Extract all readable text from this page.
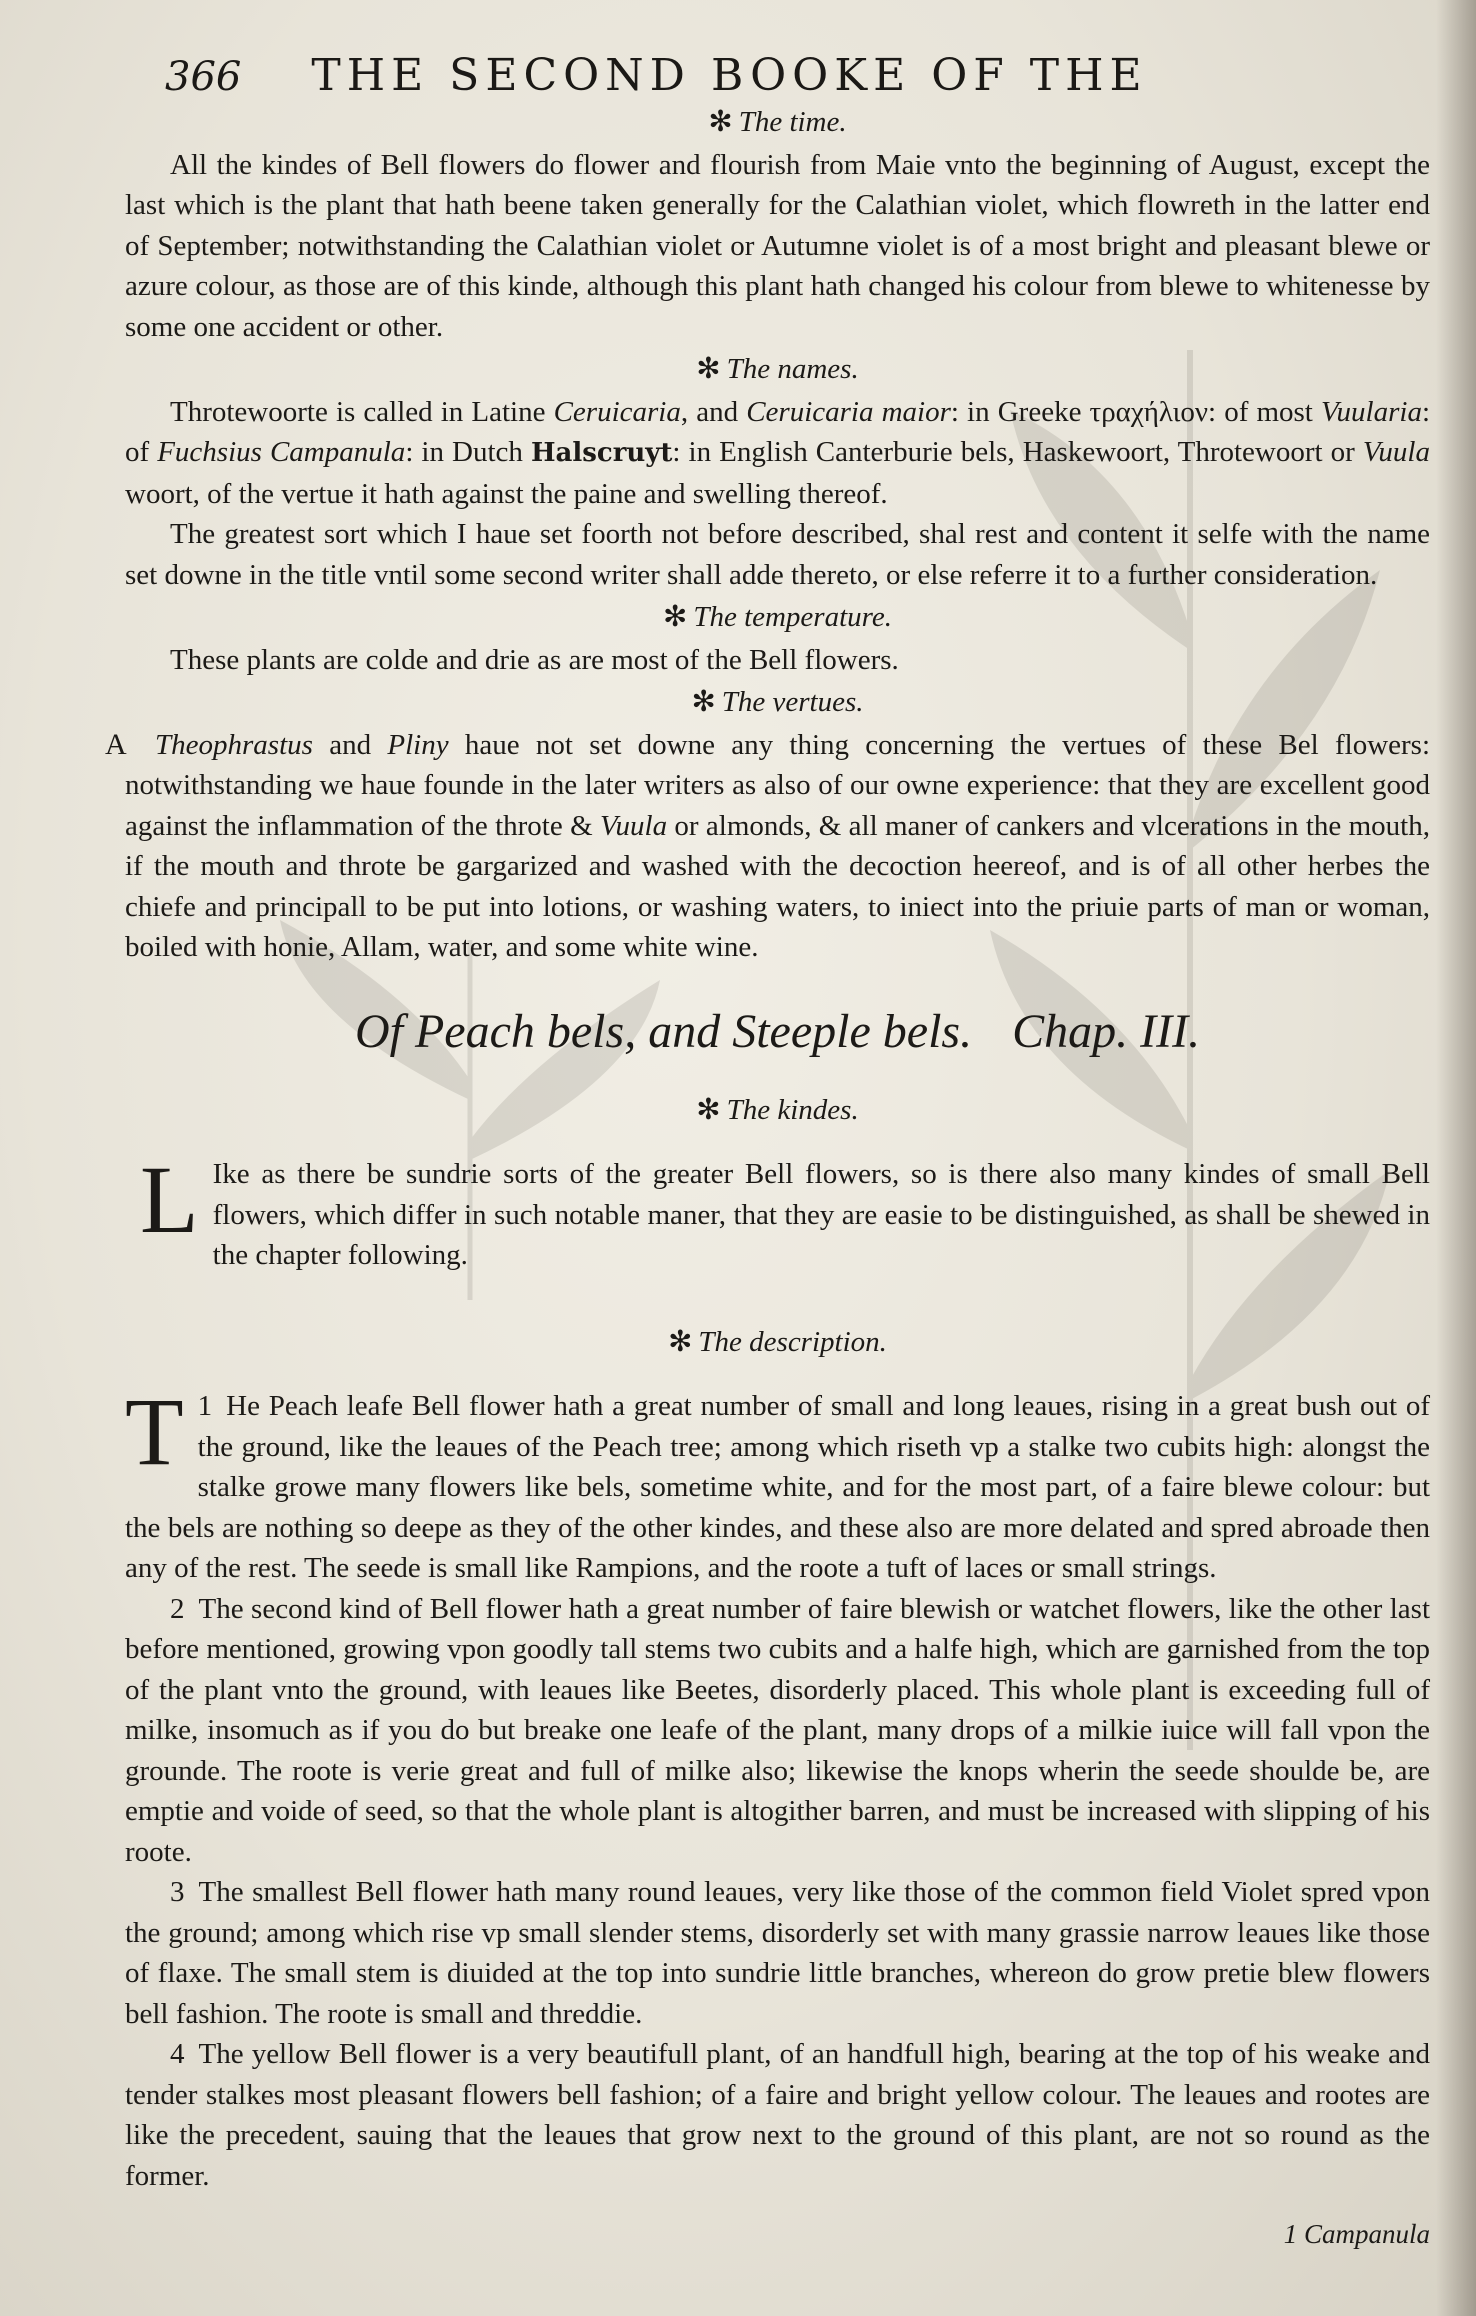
366 THE SECOND BOOKE OF THE
✻ The time.

All the kindes of Bell flowers do flower and flourish from Maie vnto the beginning of August, except the last which is the plant that hath beene taken generally for the Calathian violet, which flowreth in the latter end of September; notwithstanding the Calathian violet or Autumne violet is of a most bright and pleasant blewe or azure colour, as those are of this kinde, although this plant hath changed his colour from blewe to whitenesse by some one accident or other.

✻ The names.

Throtewoorte is called in Latine Ceruicaria, and Ceruicaria maior: in Greeke τραχήλιον: of most Vuularia: of Fuchsius Campanula: in Dutch Halscruyt: in English Canterburie bels, Haskewoort, Throtewoort or Vuula woort, of the vertue it hath against the paine and swelling thereof.

The greatest sort which I haue set foorth not before described, shal rest and content it selfe with the name set downe in the title vntil some second writer shall adde thereto, or else referre it to a further consideration.

✻ The temperature.

These plants are colde and drie as are most of the Bell flowers.

✻ The vertues.

A Theophrastus and Pliny haue not set downe any thing concerning the vertues of these Bel flowers: notwithstanding we haue founde in the later writers as also of our owne experience: that they are excellent good against the inflammation of the throte & Vuula or almonds, & all maner of cankers and vlcerations in the mouth, if the mouth and throte be gargarized and washed with the decoction heereof, and is of all other herbes the chiefe and principall to be put into lotions, or washing waters, to iniect into the priuie parts of man or woman, boiled with honie, Allam, water, and some white wine.

Of Peach bels, and Steeple bels. Chap. III.
✻ The kindes.

L Ike as there be sundrie sorts of the greater Bell flowers, so is there also many kindes of small Bell flowers, which differ in such notable maner, that they are easie to be distinguished, as shall be shewed in the chapter following.

✻ The description.

1
T He Peach leafe Bell flower hath a great number of small and long leaues, rising in a great bush out of the ground, like the leaues of the Peach tree; among which riseth vp a stalke two cubits high: alongst the stalke growe many flowers like bels, sometime white, and for the most part, of a faire blewe colour: but the bels are nothing so deepe as they of the other kindes, and these also are more delated and spred abroade then any of the rest. The seede is small like Rampions, and the roote a tuft of laces or small strings.

2 The second kind of Bell flower hath a great number of faire blewish or watchet flowers, like the other last before mentioned, growing vpon goodly tall stems two cubits and a halfe high, which are garnished from the top of the plant vnto the ground, with leaues like Beetes, disorderly placed. This whole plant is exceeding full of milke, insomuch as if you do but breake one leafe of the plant, many drops of a milkie iuice will fall vpon the grounde. The roote is verie great and full of milke also; likewise the knops wherin the seede shoulde be, are emptie and voide of seed, so that the whole plant is altogither barren, and must be increased with slipping of his roote.

3 The smallest Bell flower hath many round leaues, very like those of the common field Violet spred vpon the ground; among which rise vp small slender stems, disorderly set with many grassie narrow leaues like those of flaxe. The small stem is diuided at the top into sundrie little branches, whereon do grow pretie blew flowers bell fashion. The roote is small and threddie.

4 The yellow Bell flower is a very beautifull plant, of an handfull high, bearing at the top of his weake and tender stalkes most pleasant flowers bell fashion; of a faire and bright yellow colour. The leaues and rootes are like the precedent, sauing that the leaues that grow next to the ground of this plant, are not so round as the former.

1 Campanula
